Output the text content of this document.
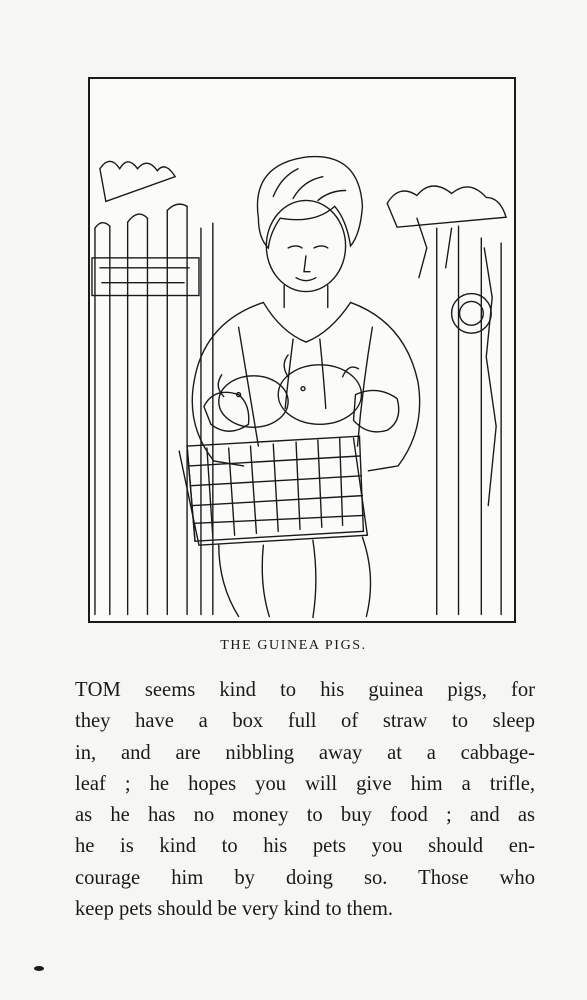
THE GUINEA PIGS.
TOM seems kind to his guinea pigs, for
they have a box full of straw to sleep
in, and are nibbling away at a cabbage-
leaf ; he hopes you will give him a trifle,
as he has no money to buy food ; and as
he is kind to his pets you should en-
courage him by doing so. Those who
keep pets should be very kind to them.
